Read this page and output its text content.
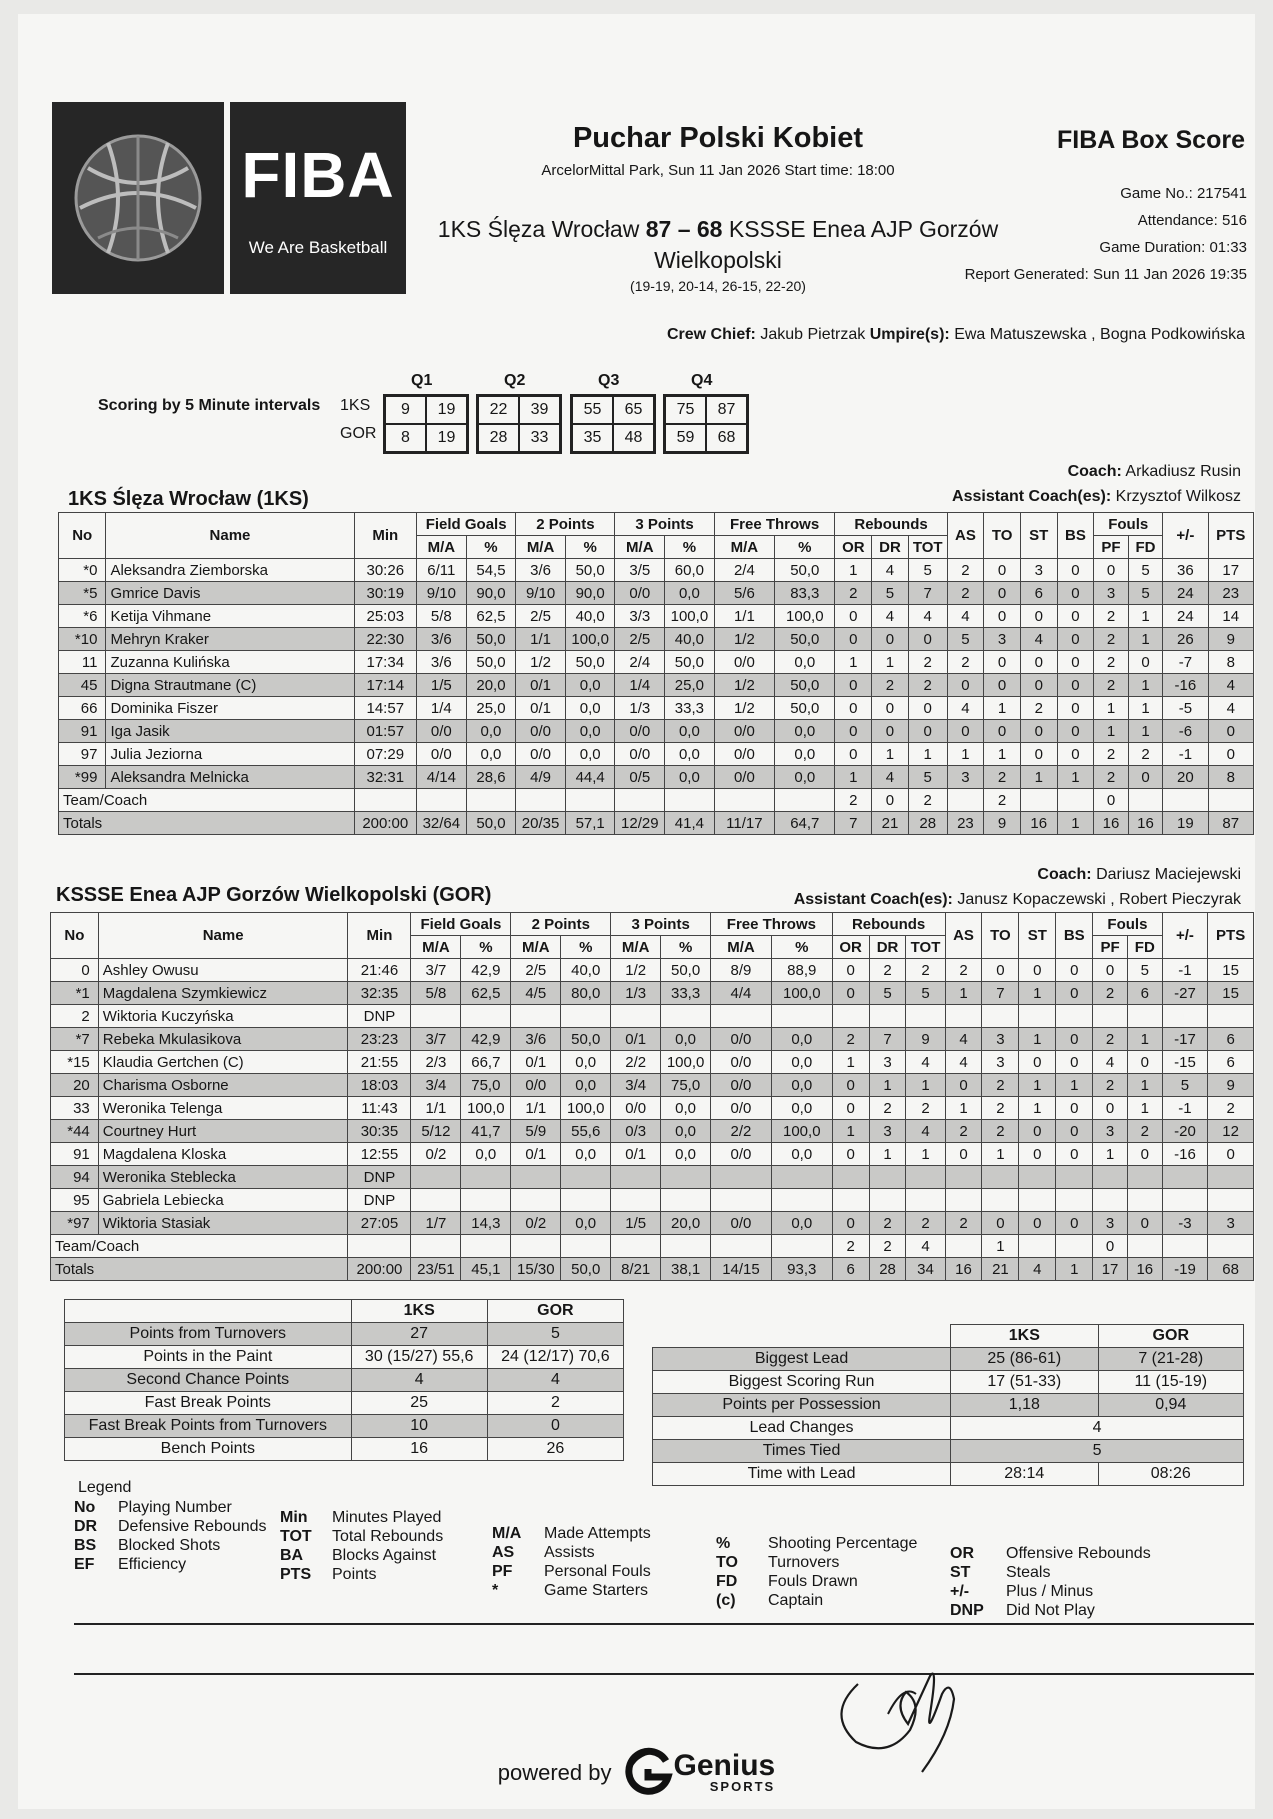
FIBA
We Are Basketball
Puchar Polski Kobiet
ArcelorMittal Park, Sun 11 Jan 2026 Start time: 18:00
1KS Ślęza Wrocław 87 – 68 KSSSE Enea AJP Gorzów
Wielkopolski
(19-19, 20-14, 26-15, 22-20)
FIBA Box Score
Game No.: 217541
Attendance: 516
Game Duration: 01:33
Report Generated: Sun 11 Jan 2026 19:35
Crew Chief: Jakub Pietrzak Umpire(s): Ewa Matuszewska , Bogna Podkowińska
Scoring by 5 Minute intervals 1KS
GOR
Q1
9	19
8	19
Q2
22	39
28	33
Q3
55	65
35	48
Q4
75	87
59	68
Coach: Arkadiusz Rusin
Assistant Coach(es): Krzysztof Wilkosz
1KS Ślęza Wrocław (1KS)
No	Name	Min	Field Goals		2 Points		3 Points		Free Throws		Rebounds			AS	TO	ST	BS	Fouls		+/-	PTS
			M/A	%	M/A	%	M/A	%	M/A	%	OR	DR	TOT					PF	FD		
*0	Aleksandra Ziemborska	30:26	6/11	54,5	3/6	50,0	3/5	60,0	2/4	50,0	1	4	5	2	0	3	0	0	5	36	17
*5	Gmrice Davis	30:19	9/10	90,0	9/10	90,0	0/0	0,0	5/6	83,3	2	5	7	2	0	6	0	3	5	24	23
*6	Ketija Vihmane	25:03	5/8	62,5	2/5	40,0	3/3	100,0	1/1	100,0	0	4	4	4	0	0	0	2	1	24	14
*10	Mehryn Kraker	22:30	3/6	50,0	1/1	100,0	2/5	40,0	1/2	50,0	0	0	0	5	3	4	0	2	1	26	9
11	Zuzanna Kulińska	17:34	3/6	50,0	1/2	50,0	2/4	50,0	0/0	0,0	1	1	2	2	0	0	0	2	0	-7	8
45	Digna Strautmane (C)	17:14	1/5	20,0	0/1	0,0	1/4	25,0	1/2	50,0	0	2	2	0	0	0	0	2	1	-16	4
66	Dominika Fiszer	14:57	1/4	25,0	0/1	0,0	1/3	33,3	1/2	50,0	0	0	0	4	1	2	0	1	1	-5	4
91	Iga Jasik	01:57	0/0	0,0	0/0	0,0	0/0	0,0	0/0	0,0	0	0	0	0	0	0	0	1	1	-6	0
97	Julia Jeziorna	07:29	0/0	0,0	0/0	0,0	0/0	0,0	0/0	0,0	0	1	1	1	1	0	0	2	2	-1	0
*99	Aleksandra Melnicka	32:31	4/14	28,6	4/9	44,4	0/5	0,0	0/0	0,0	1	4	5	3	2	1	1	2	0	20	8
Team/Coach											2	0	2		2			0			
Totals		200:00	32/64	50,0	20/35	57,1	12/29	41,4	11/17	64,7	7	21	28	23	9	16	1	16	16	19	87
Coach: Dariusz Maciejewski
Assistant Coach(es): Janusz Kopaczewski , Robert Pieczyrak
KSSSE Enea AJP Gorzów Wielkopolski (GOR)
No	Name	Min	Field Goals		2 Points		3 Points		Free Throws		Rebounds			AS	TO	ST	BS	Fouls		+/-	PTS
			M/A	%	M/A	%	M/A	%	M/A	%	OR	DR	TOT					PF	FD		
0	Ashley Owusu	21:46	3/7	42,9	2/5	40,0	1/2	50,0	8/9	88,9	0	2	2	2	0	0	0	0	5	-1	15
*1	Magdalena Szymkiewicz	32:35	5/8	62,5	4/5	80,0	1/3	33,3	4/4	100,0	0	5	5	1	7	1	0	2	6	-27	15
2	Wiktoria Kuczyńska	DNP																			
*7	Rebeka Mkulasikova	23:23	3/7	42,9	3/6	50,0	0/1	0,0	0/0	0,0	2	7	9	4	3	1	0	2	1	-17	6
*15	Klaudia Gertchen (C)	21:55	2/3	66,7	0/1	0,0	2/2	100,0	0/0	0,0	1	3	4	4	3	0	0	4	0	-15	6
20	Charisma Osborne	18:03	3/4	75,0	0/0	0,0	3/4	75,0	0/0	0,0	0	1	1	0	2	1	1	2	1	5	9
33	Weronika Telenga	11:43	1/1	100,0	1/1	100,0	0/0	0,0	0/0	0,0	0	2	2	1	2	1	0	0	1	-1	2
*44	Courtney Hurt	30:35	5/12	41,7	5/9	55,6	0/3	0,0	2/2	100,0	1	3	4	2	2	0	0	3	2	-20	12
91	Magdalena Kloska	12:55	0/2	0,0	0/1	0,0	0/1	0,0	0/0	0,0	0	1	1	0	1	0	0	1	0	-16	0
94	Weronika Steblecka	DNP																			
95	Gabriela Lebiecka	DNP																			
*97	Wiktoria Stasiak	27:05	1/7	14,3	0/2	0,0	1/5	20,0	0/0	0,0	0	2	2	2	0	0	0	3	0	-3	3
Team/Coach											2	2	4		1			0			
Totals		200:00	23/51	45,1	15/30	50,0	8/21	38,1	14/15	93,3	6	28	34	16	21	4	1	17	16	-19	68
	1KS	GOR
Points from Turnovers	27	5
Points in the Paint	30 (15/27) 55,6	24 (12/17) 70,6
Second Chance Points	4	4
Fast Break Points	25	2
Fast Break Points from Turnovers	10	0
Bench Points	16	26
	1KS	GOR
Biggest Lead	25 (86-61)	7 (21-28)
Biggest Scoring Run	17 (51-33)	11 (15-19)
Points per Possession	1,18	0,94
Lead Changes	4	
Times Tied	5	
Time with Lead	28:14	08:26
Legend
No Playing Number
DR Defensive Rebounds
BS Blocked Shots
EF Efficiency
Min Minutes Played
TOT Total Rebounds
BA Blocks Against
PTS Points
M/A Made Attempts
AS Assists
PF Personal Fouls
*	Game Starters
% Shooting Percentage
TO Turnovers
FD Fouls Drawn
(c) Captain
OR Offensive Rebounds
ST Steals
+/- Plus / Minus
DNP Did Not Play
powered by Genius
SPORTS
